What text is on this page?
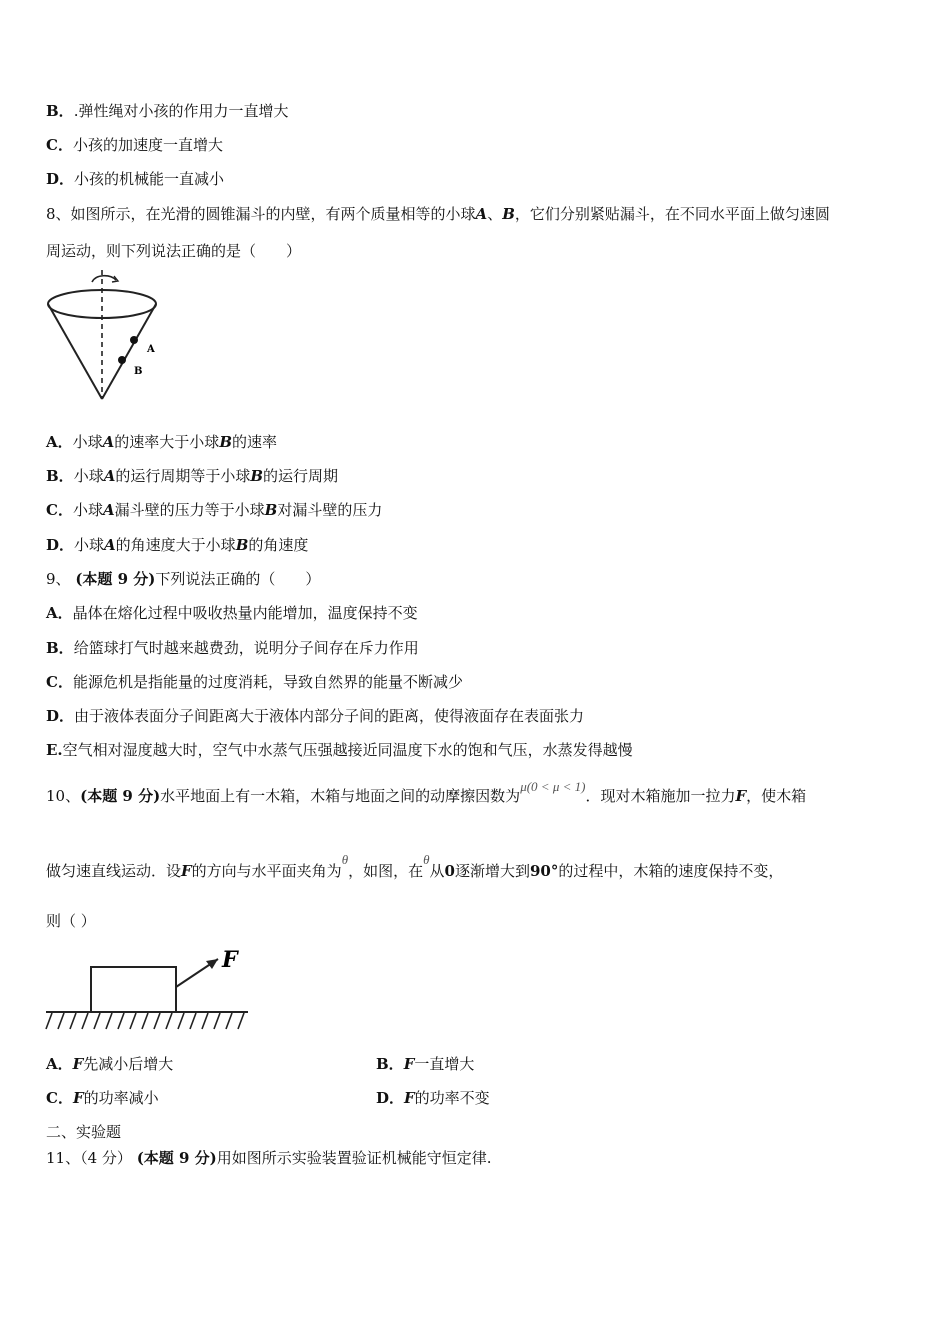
B．.弹性绳对小孩的作用力一直增大
C．小孩的加速度一直增大
D．小孩的机械能一直减小
8、如图所示，在光滑的圆锥漏斗的内壁，有两个质量相等的小球A、B，它们分别紧贴漏斗，在不同水平面上做匀速圆
周运动，则下列说法正确的是（　　）
A
B
A．小球A的速率大于小球B的速率
B．小球A的运行周期等于小球B的运行周期
C．小球A漏斗壁的压力等于小球B对漏斗壁的压力
D．小球A的角速度大于小球B的角速度
9、 (本题 9 分)下列说法正确的（　　）
A．晶体在熔化过程中吸收热量内能增加，温度保持不变
B．给篮球打气时越来越费劲，说明分子间存在斥力作用
C．能源危机是指能量的过度消耗，导致自然界的能量不断减少
D．由于液体表面分子间距离大于液体内部分子间的距离，使得液面存在表面张力
E.空气相对湿度越大时，空气中水蒸气压强越接近同温度下水的饱和气压，水蒸发得越慢
10、(本题 9 分)水平地面上有一木箱，木箱与地面之间的动摩擦因数为μ(0 < μ < 1)．现对木箱施加一拉力F，使木箱
做匀速直线运动．设F的方向与水平面夹角为θ，如图，在θ从0逐渐增大到90°的过程中，木箱的速度保持不变，
则（ ）
F
A．F先减小后增大	B．F一直增大
C．F的功率减小	D．F的功率不变
二、实验题
11、（4 分） (本题 9 分)用如图所示实验装置验证机械能守恒定律.
